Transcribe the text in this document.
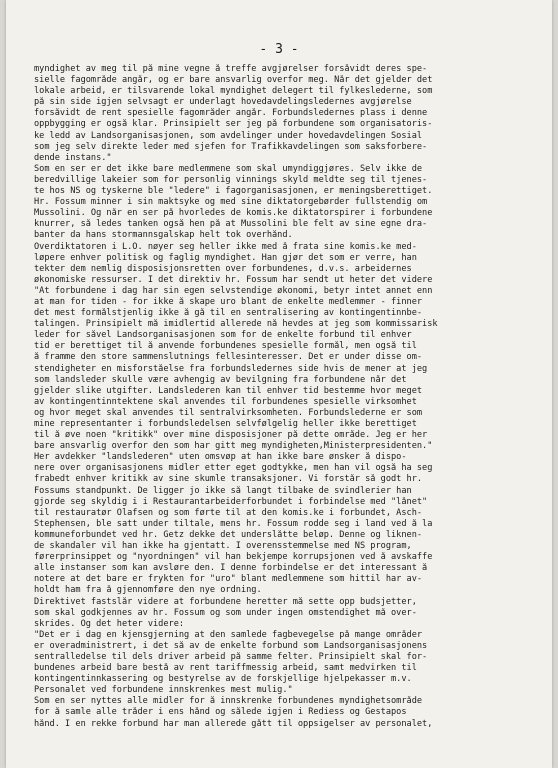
- 3 -
myndighet av meg til på mine vegne å treffe avgjørelser forsåvidt deres spe-
sielle fagområde angår, og er bare ansvarlig overfor meg. Når det gjelder det
lokale arbeid, er tilsvarende lokal myndighet delegert til fylkeslederne, som
på sin side igjen selvsagt er underlagt hovedavdelingsledernes avgjørelse
forsåvidt de rent spesielle fagområder angår. Forbundsledernes plass i denne
oppbygging er også klar. Prinsipielt ser jeg på forbundene som organisatoris-
ke ledd av Landsorganisasjonen, som avdelinger under hovedavdelingen Sosial
som jeg selv direkte leder med sjefen for Trafikkavdelingen som saksforbere-
dende instans."
Som en ser er det ikke bare medlemmene som skal umyndiggjøres. Selv ikke de
beredvillige lakeier som for personlig vinnings skyld meldte seg til tjenes-
te hos NS og tyskerne ble "ledere" i fagorganisasjonen, er meningsberettiget.
Hr. Fossum minner i sin maktsyke og med sine diktatorgebørder fullstendig om
Mussolini. Og når en ser på hvorledes de komis.ke diktatorspirer i forbundene
knurrer, så ledes tanken også hen på at Mussolini ble felt av sine egne dra-
banter da hans stormannsgalskap helt tok overhånd.
Overdiktatoren i L.O. nøyer seg heller ikke med å frata sine komis.ke med-
løpere enhver politisk og faglig myndighet. Han gjør det som er verre, han
tekter dem nemlig disposisjonsretten over forbundenes, d.v.s. arbeidernes
økonomiske ressurser. I det direktiv hr. Fossum har sendt ut heter det videre
"At forbundene i dag har sin egen selvstendige økonomi, betyr intet annet enn
at man for tiden - for ikke å skape uro blant de enkelte medlemmer - finner
det mest formålstjenlig ikke å gå til en sentralisering av kontingentinnbe-
talingen. Prinsipielt må imidlertid allerede nå hevdes at jeg som kommissarisk
leder for såvel Landsorganisasjonen som for de enkelte forbund til enhver
tid er berettiget til å anvende forbundenes spesielle formål, men også til
å framme den store sammenslutnings fellesinteresser. Det er under disse om-
stendigheter en misforståelse fra forbundsledernes side hvis de mener at jeg
som landsleder skulle være avhengig av bevilgning fra forbundene når det
gjelder slike utgifter. Landslederen kan til enhver tid bestemme hvor meget
av kontingentinntektene skal anvendes til forbundenes spesielle virksomhet
og hvor meget skal anvendes til sentralvirksomheten. Forbundslederne er som
mine representanter i forbundsledelsen selvfølgelig heller ikke berettiget
til å øve noen "kritikk" over mine disposisjoner på dette område. Jeg er her
bare ansvarlig overfor den som har gitt meg myndigheten,Ministerpresidenten."
Her avdekker "landslederen" uten omsvøp at han ikke bare ønsker å dispo-
nere over organisasjonens midler etter eget godtykke, men han vil også ha seg
frabedt enhver kritikk av sine skumle transaksjoner. Vi forstår så godt hr.
Fossums standpunkt. De ligger jo ikke så langt tilbake de svindlerier han
gjorde seg skyldig i i Restaurantarbeiderforbundet i forbindelse med "lånet"
til restauratør Olafsen og som førte til at den komis.ke i forbundet, Asch-
Stephensen, ble satt under tiltale, mens hr. Fossum rodde seg i land ved å la
kommuneforbundet ved hr. Getz dekke det underslåtte beløp. Denne og liknen-
de skandaler vil han ikke ha gjentatt. I overensstemmelse med NS program,
førerprinsippet og "nyordningen" vil han bekjempe korrupsjonen ved å avskaffe
alle instanser som kan avsløre den. I denne forbindelse er det interessant å
notere at det bare er frykten for "uro" blant medlemmene som hittil har av-
holdt ham fra å gjennomføre den nye ordning.
Direktivet fastslår videre at forbundene heretter må sette opp budsjetter,
som skal godkjennes av hr. Fossum og som under ingen omstendighet må over-
skrides. Og det heter videre:
"Det er i dag en kjensgjerning at den samlede fagbevegelse på mange områder
er overadministrert, i det så av de enkelte forbund som Landsorganisasjonens
sentralledelse til dels driver arbeid på samme felter. Prinsipielt skal for-
bundenes arbeid bare bestå av rent tariffmessig arbeid, samt medvirken til
kontingentinnkassering og bestyrelse av de forskjellige hjelpekasser m.v.
Personalet ved forbundene innskrenkes mest mulig."
Som en ser nyttes alle midler for å innskrenke forbundenes myndighetsområde
for å samle alle tråder i ens hånd og sålede igjen i Rediess og Gestapos
hånd. I en rekke forbund har man allerede gått til oppsigelser av personalet,
